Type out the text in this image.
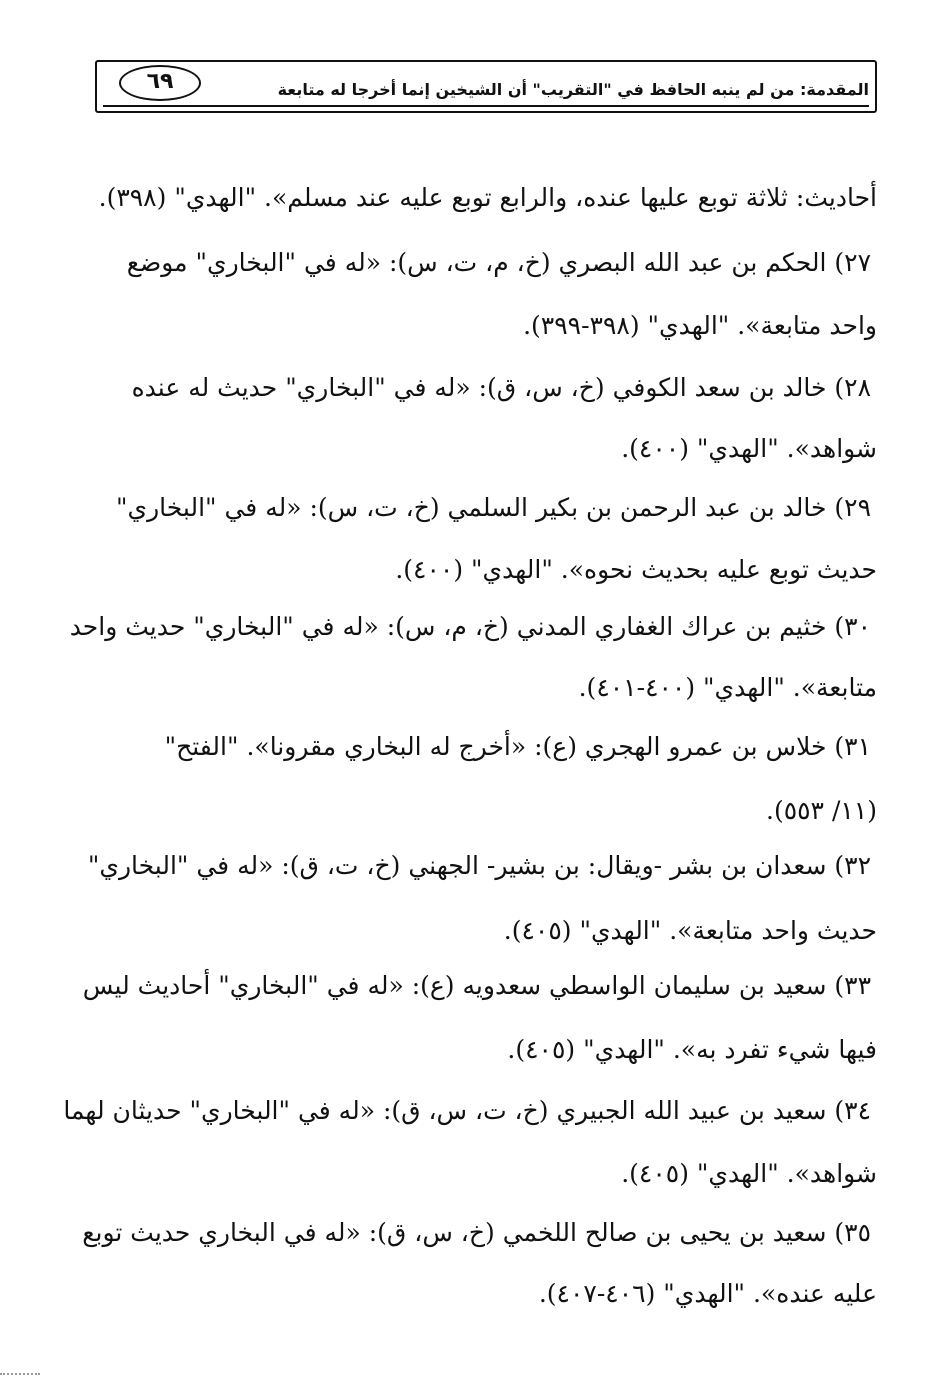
المقدمة: من لم ينبه الحافظ في "التقريب" أن الشيخين إنما أخرجا له متابعة
٦٩
أحاديث: ثلاثة توبع عليها عنده، والرابع توبع عليه عند مسلم». "الهدي" (٣٩٨).
٢٧) الحكم بن عبد الله البصري (خ، م، ت، س): «له في "البخاري" موضع
واحد متابعة». "الهدي" (٣٩٨-٣٩٩).
٢٨) خالد بن سعد الكوفي (خ، س، ق): «له في "البخاري" حديث له عنده
شواهد». "الهدي" (٤٠٠).
٢٩) خالد بن عبد الرحمن بن بكير السلمي (خ، ت، س): «له في "البخاري"
حديث توبع عليه بحديث نحوه». "الهدي" (٤٠٠).
٣٠) خثيم بن عراك الغفاري المدني (خ، م، س): «له في "البخاري" حديث واحد
متابعة». "الهدي" (٤٠٠-٤٠١).
٣١) خلاس بن عمرو الهجري (ع): «أخرج له البخاري مقرونا». "الفتح"
(١١/ ٥٥٣).
٣٢) سعدان بن بشر -ويقال: بن بشير- الجهني (خ، ت، ق): «له في "البخاري"
حديث واحد متابعة». "الهدي" (٤٠٥).
٣٣) سعيد بن سليمان الواسطي سعدويه (ع): «له في "البخاري" أحاديث ليس
فيها شيء تفرد به». "الهدي" (٤٠٥).
٣٤) سعيد بن عبيد الله الجبيري (خ، ت، س، ق): «له في "البخاري" حديثان لهما
شواهد». "الهدي" (٤٠٥).
٣٥) سعيد بن يحيى بن صالح اللخمي (خ، س، ق): «له في البخاري حديث توبع
عليه عنده». "الهدي" (٤٠٦-٤٠٧).
